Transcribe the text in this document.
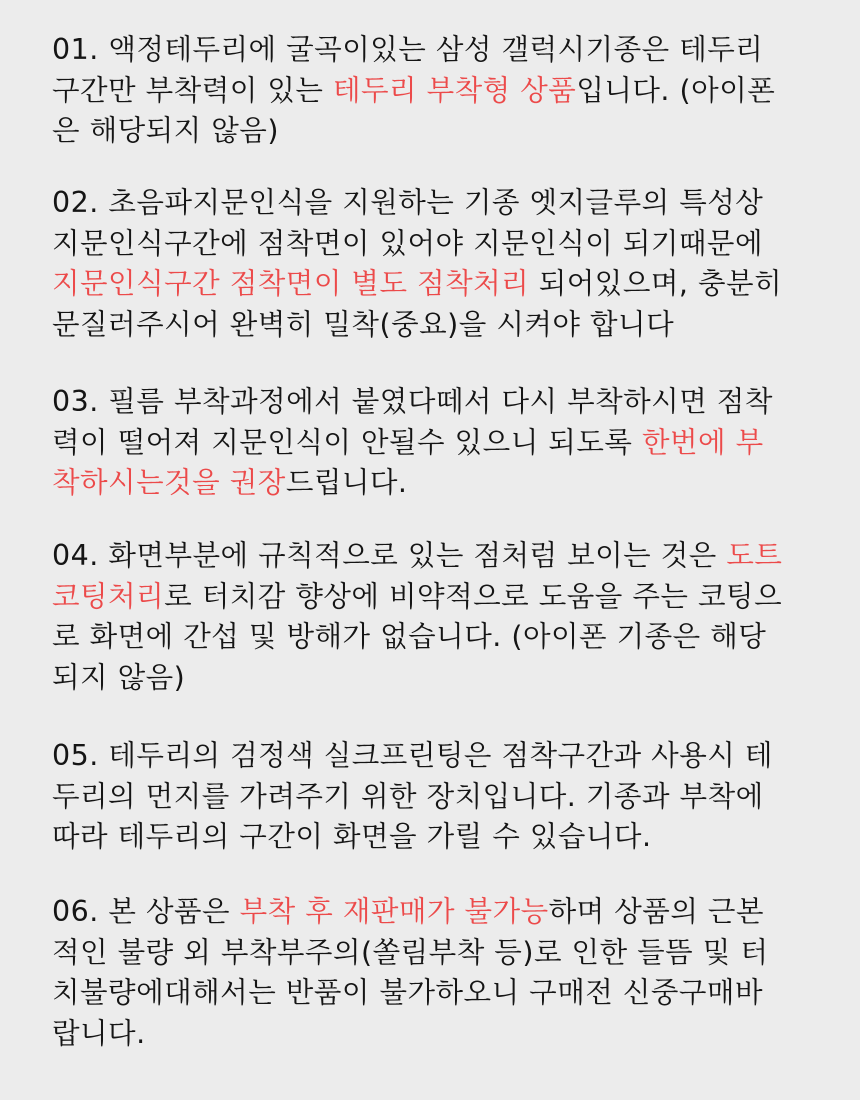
01. 액정테두리에 굴곡이있는 삼성 갤럭시기종은 테두리
구간만 부착력이 있는 테두리 부착형 상품입니다. (아이폰
은 해당되지 않음)
02. 초음파지문인식을 지원하는 기종 엣지글루의 특성상
지문인식구간에 점착면이 있어야 지문인식이 되기때문에
지문인식구간 점착면이 별도 점착처리 되어있으며, 충분히
문질러주시어 완벽히 밀착(중요)을 시켜야 합니다
03. 필름 부착과정에서 붙였다떼서 다시 부착하시면 점착
력이 떨어져 지문인식이 안될수 있으니 되도록 한번에 부
착하시는것을 권장드립니다.
04. 화면부분에 규칙적으로 있는 점처럼 보이는 것은 도트
코팅처리로 터치감 향상에 비약적으로 도움을 주는 코팅으
로 화면에 간섭 및 방해가 없습니다. (아이폰 기종은 해당
되지 않음)
05. 테두리의 검정색 실크프린팅은 점착구간과 사용시 테
두리의 먼지를 가려주기 위한 장치입니다. 기종과 부착에
따라 테두리의 구간이 화면을 가릴 수 있습니다.
06. 본 상품은 부착 후 재판매가 불가능하며 상품의 근본
적인 불량 외 부착부주의(쏠림부착 등)로 인한 들뜸 및 터
치불량에대해서는 반품이 불가하오니 구매전 신중구매바
랍니다.
